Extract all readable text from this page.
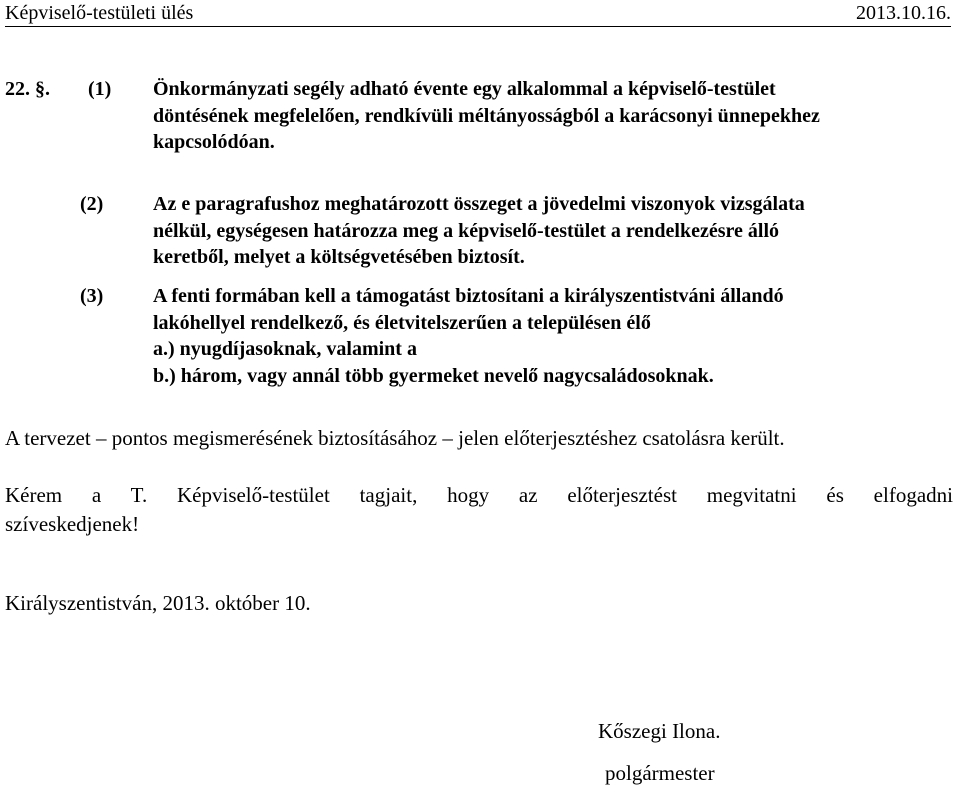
Képviselő-testületi ülés	2013.10.16.
22. §. (1) Önkormányzati segély adható évente egy alkalommal a képviselő-testület
döntésének megfelelően, rendkívüli méltányosságból a karácsonyi ünnepekhez
kapcsolódóan.
(2) Az e paragrafushoz meghatározott összeget a jövedelmi viszonyok vizsgálata
nélkül, egységesen határozza meg a képviselő-testület a rendelkezésre álló
keretből, melyet a költségvetésében biztosít.
(3) A fenti formában kell a támogatást biztosítani a királyszentistváni állandó
lakóhellyel rendelkező, és életvitelszerűen a településen élő
a.) nyugdíjasoknak, valamint a
b.) három, vagy annál több gyermeket nevelő nagycsaládosoknak.
A tervezet – pontos megismerésének biztosításához – jelen előterjesztéshez csatolásra került.
Kérem a T. Képviselő-testület tagjait, hogy az előterjesztést megvitatni és elfogadni
szíveskedjenek!
Királyszentistván, 2013. október 10.
Kőszegi Ilona.
polgármester
